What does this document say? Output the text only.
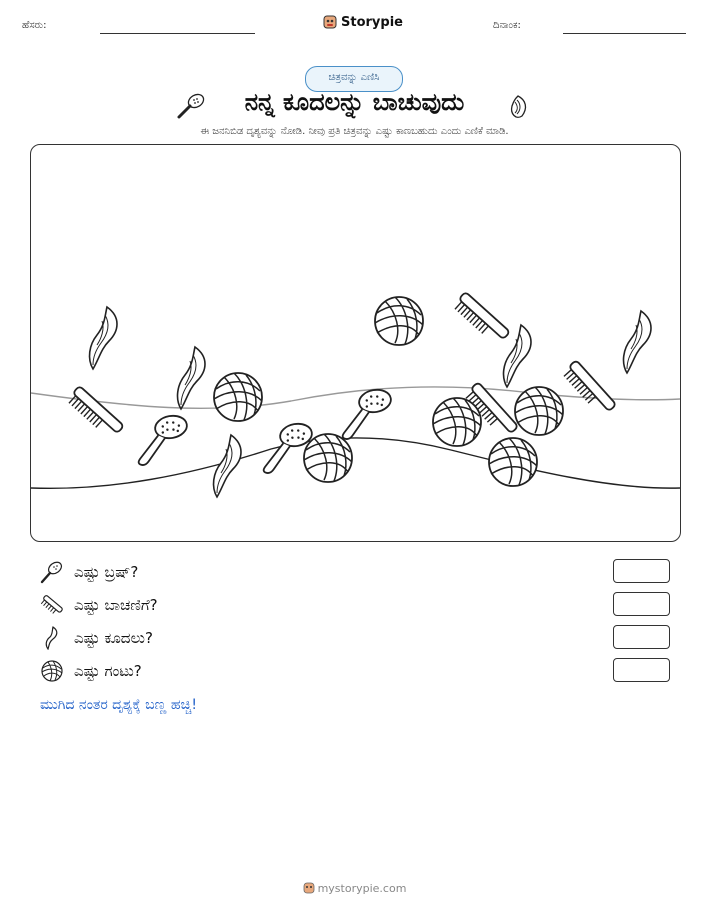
ಹೆಸರು:	Storypie	ದಿನಾಂಕ:
ಚಿತ್ರವನ್ನು ಎಣಿಸಿ
ನನ್ನ ಕೂದಲನ್ನು ಬಾಚುವುದು
ಈ ಜನನಿಬಿಡ ದೃಶ್ಯವನ್ನು ನೋಡಿ. ನೀವು ಪ್ರತಿ ಚಿತ್ರವನ್ನು ಎಷ್ಟು ಕಾಣಬಹುದು ಎಂದು ಎಣಿಕೆ ಮಾಡಿ.
ಎಷ್ಟು ಬ್ರಷ್?
ಎಷ್ಟು ಬಾಚಣಿಗೆ?
ಎಷ್ಟು ಕೂದಲು?
ಎಷ್ಟು ಗಂಟು?
ಮುಗಿದ ನಂತರ ದೃಶ್ಯಕ್ಕೆ ಬಣ್ಣ ಹಚ್ಚಿ!
mystorypie.com
